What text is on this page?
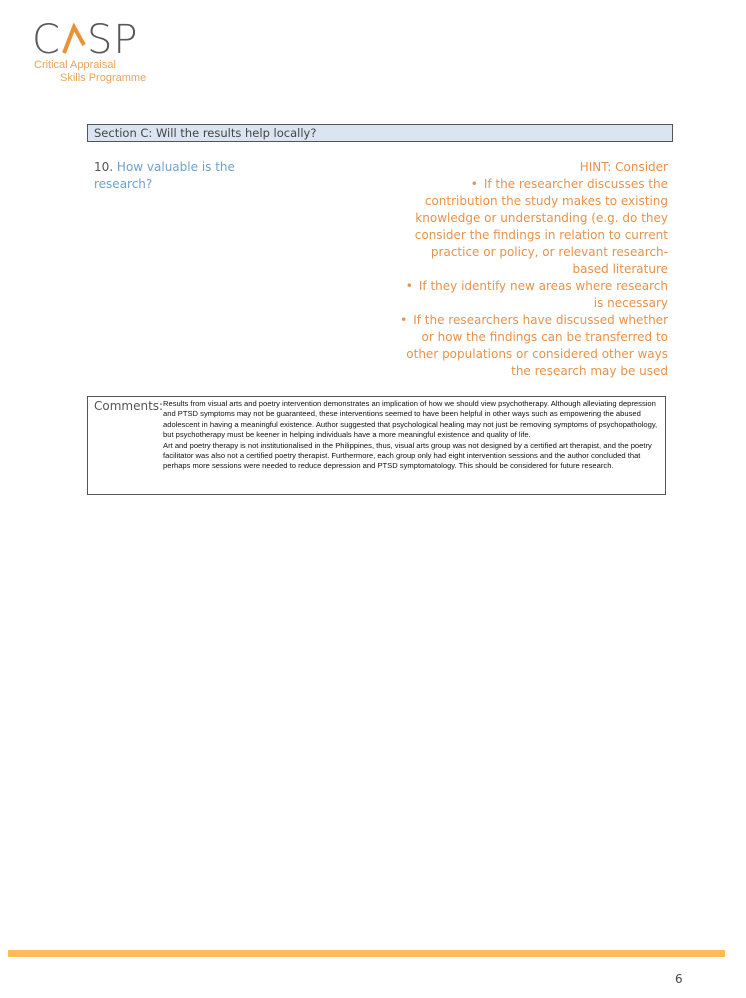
C SP
Critical Appraisal
Skills Programme
Section C: Will the results help locally?
10. How valuable is the research?
HINT: Consider
• If the researcher discusses the contribution the study makes to existing knowledge or understanding (e.g. do they consider the findings in relation to current practice or policy, or relevant research-based literature
• If they identify new areas where research is necessary
• If the researchers have discussed whether or how the findings can be transferred to other populations or considered other ways the research may be used
Comments: Results from visual arts and poetry intervention demonstrates an implication of how we should view psychotherapy. Although alleviating depression and PTSD symptoms may not be guaranteed, these interventions seemed to have been helpful in other ways such as empowering the abused adolescent in having a meaningful existence. Author suggested that psychological healing may not just be removing symptoms of psychopathology, but psychotherapy must be keener in helping individuals have a more meaningful existence and quality of life.

Art and poetry therapy is not institutionalised in the Philippines, thus, visual arts group was not designed by a certified art therapist, and the poetry facilitator was also not a certified poetry therapist. Furthermore, each group only had eight intervention sessions and the author concluded that perhaps more sessions were needed to reduce depression and PTSD symptomatology. This should be considered for future research.

6
